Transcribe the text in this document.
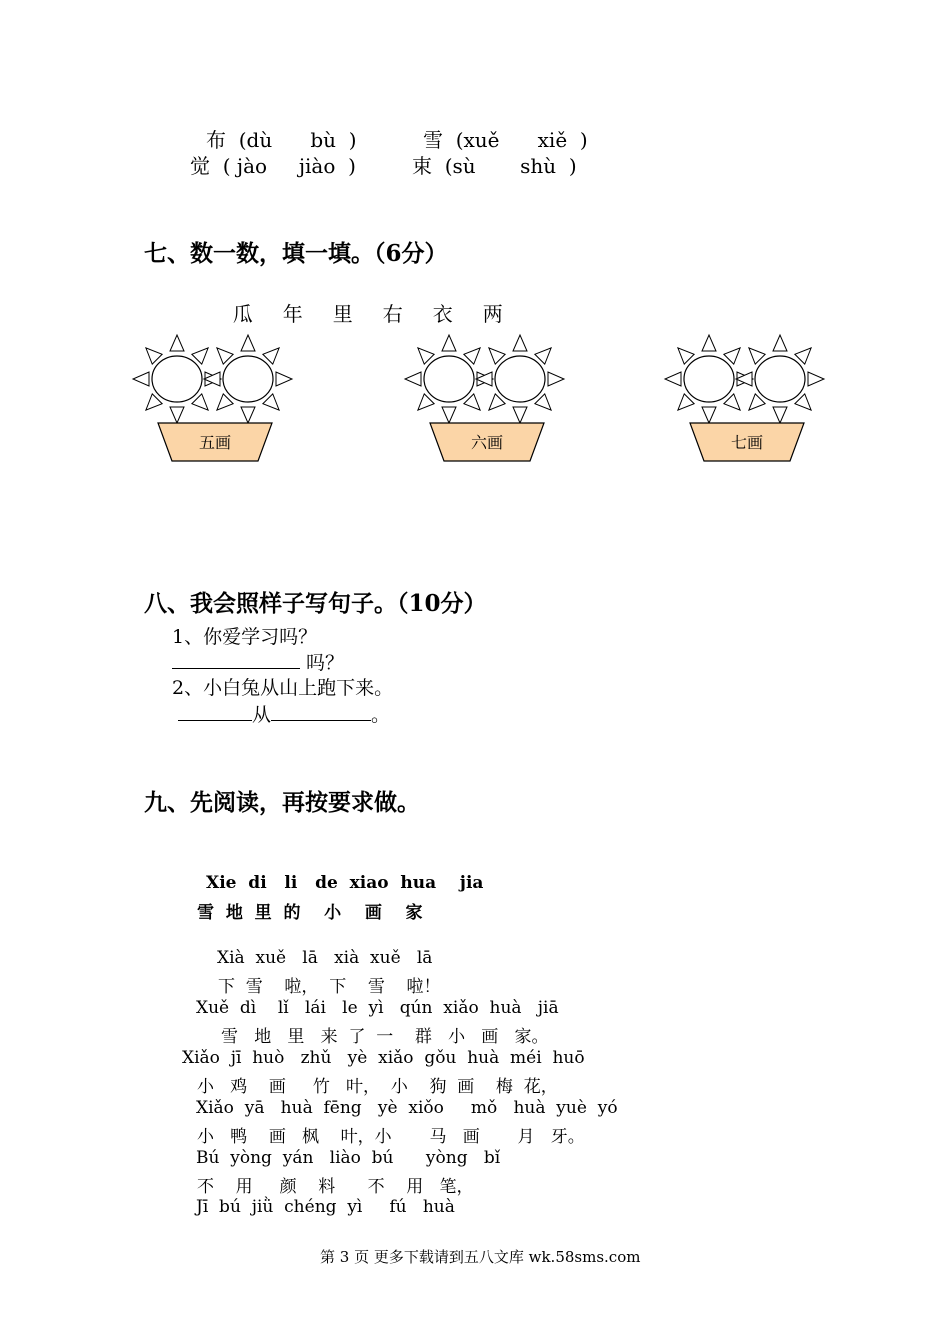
布  (dù      bù  )	雪  (xuě      xiě  )
觉  ( jào     jiào  )	束  (sù       shù  )
七、数一数，填一填。（6分）

瓜 年 里 右 衣 两

五画	六画	七画
八、我会照样子写句子。（10分）
1、你爱学习吗？
吗？
2、小白兔从山上跑下来。
从	。
九、先阅读，再按要求做。
Xie  di   li   de  xiao  hua    jia
雪  地  里  的    小    画    家
Xià  xuě   lā   xià  xuě   lā
下  雪    啦，  下    雪    啦！
Xuě  dì    lǐ   lái   le  yì   qún  xiǎo  huà   jiā
雪   地   里   来  了  一    群   小   画   家。
Xiǎo  jī  huò   zhǔ   yè  xiǎo  gǒu  huà  méi  huō
小   鸡    画     竹   叶，  小    狗  画    梅  花，
Xiǎo  yā   huà  fēng   yè  xiǒo     mǒ   huà  yuè  yó
小   鸭    画   枫    叶，小       马   画       月   牙。
Bú  yòng  yán   liào  bú      yòng   bǐ
不    用     颜    料      不    用   笔，
Jī  bú  jiǜ  chéng  yì     fú   huà
第 3 页 更多下载请到五八文库 wk.58sms.com
